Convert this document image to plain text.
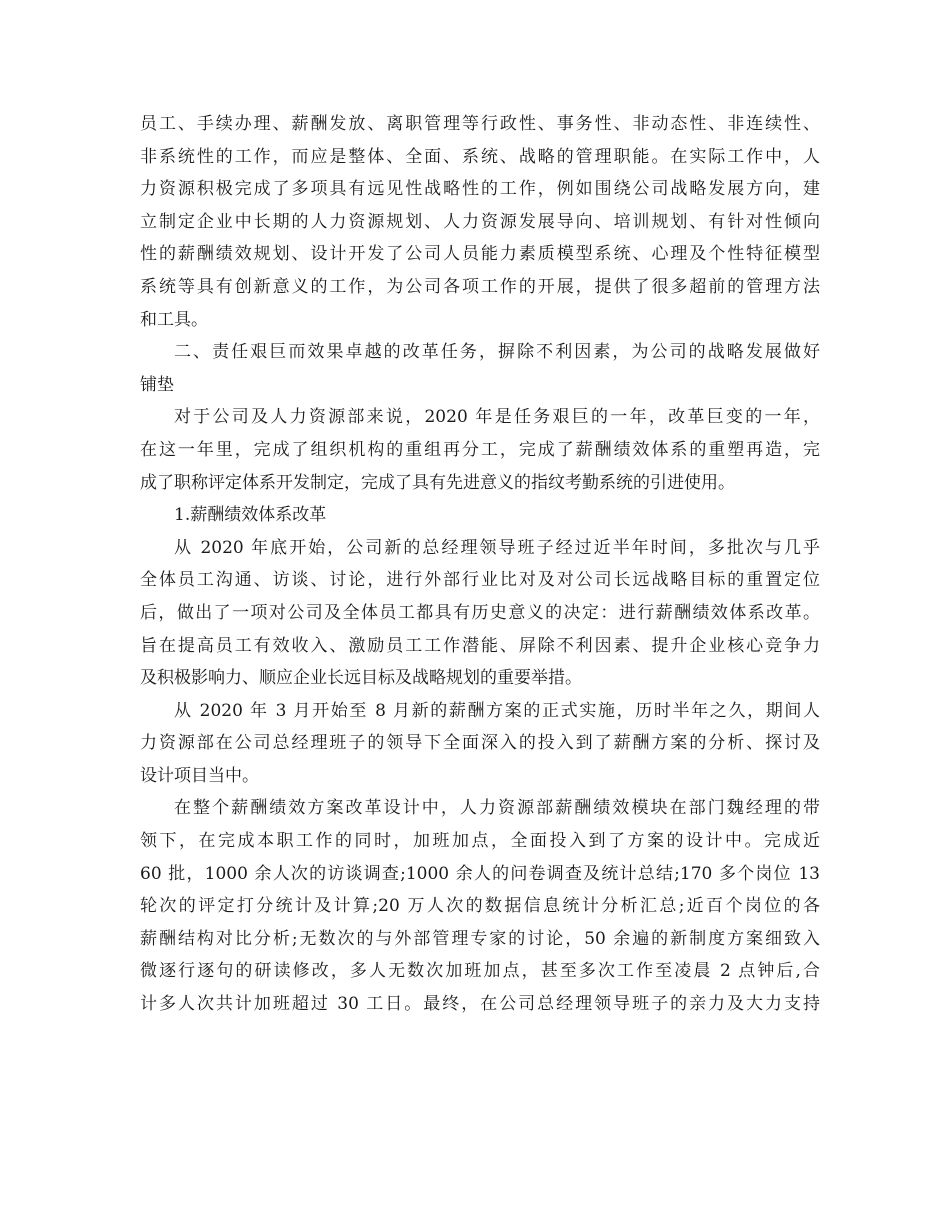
员工、手续办理、薪酬发放、离职管理等行政性、事务性、非动态性、非连续性、
非系统性的工作，而应是整体、全面、系统、战略的管理职能。在实际工作中，人
力资源积极完成了多项具有远见性战略性的工作，例如围绕公司战略发展方向，建
立制定企业中长期的人力资源规划、人力资源发展导向、培训规划、有针对性倾向
性的薪酬绩效规划、设计开发了公司人员能力素质模型系统、心理及个性特征模型
系统等具有创新意义的工作，为公司各项工作的开展，提供了很多超前的管理方法
和工具。
二、责任艰巨而效果卓越的改革任务，摒除不利因素，为公司的战略发展做好
铺垫
对于公司及人力资源部来说，2020 年是任务艰巨的一年，改革巨变的一年，
在这一年里，完成了组织机构的重组再分工，完成了薪酬绩效体系的重塑再造，完
成了职称评定体系开发制定，完成了具有先进意义的指纹考勤系统的引进使用。
1.薪酬绩效体系改革
从 2020 年底开始，公司新的总经理领导班子经过近半年时间，多批次与几乎
全体员工沟通、访谈、讨论，进行外部行业比对及对公司长远战略目标的重置定位
后，做出了一项对公司及全体员工都具有历史意义的决定：进行薪酬绩效体系改革。
旨在提高员工有效收入、激励员工工作潜能、屏除不利因素、提升企业核心竞争力
及积极影响力、顺应企业长远目标及战略规划的重要举措。
从 2020 年 3 月开始至 8 月新的薪酬方案的正式实施，历时半年之久，期间人
力资源部在公司总经理班子的领导下全面深入的投入到了薪酬方案的分析、探讨及
设计项目当中。
在整个薪酬绩效方案改革设计中，人力资源部薪酬绩效模块在部门魏经理的带
领下，在完成本职工作的同时，加班加点，全面投入到了方案的设计中。完成近
60 批，1000 余人次的访谈调查;1000 余人的问卷调查及统计总结;170 多个岗位 13
轮次的评定打分统计及计算;20 万人次的数据信息统计分析汇总;近百个岗位的各
薪酬结构对比分析;无数次的与外部管理专家的讨论，50 余遍的新制度方案细致入
微逐行逐句的研读修改，多人无数次加班加点，甚至多次工作至凌晨 2 点钟后,合
计多人次共计加班超过 30 工日。最终，在公司总经理领导班子的亲力及大力支持
